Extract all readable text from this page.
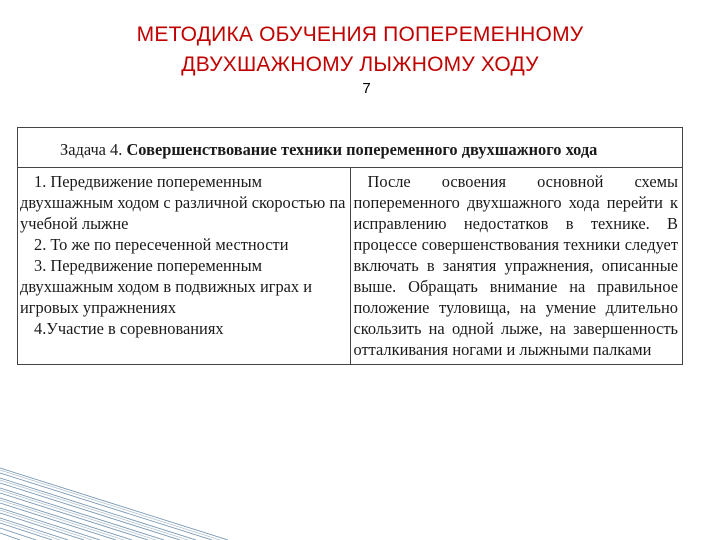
МЕТОДИКА ОБУЧЕНИЯ ПОПЕРЕМЕННОМУ
ДВУХШАЖНОМУ ЛЫЖНОМУ ХОДУ
7
Задача 4. Совершенствование техники попеременного двухшажного хода

1. Передвижение попеременным двухшажным ходом с различной скоростью па учебной лыжне

2. То же по пересеченной местности

3. Передвижение попеременным двухшажным ходом в подвижных играх и игровых упражнениях

4.Участие в соревнованиях

	После освоения основной схемы попеременного двухшажного хода перейти к исправлению недостатков в технике. В процессе совершенствования техники следует включать в занятия упражнения, описанные выше. Обращать внимание на правильное положение туловища, на умение длительно скользить на одной лыже, на завершенность отталкивания ногами и лыжными палками
